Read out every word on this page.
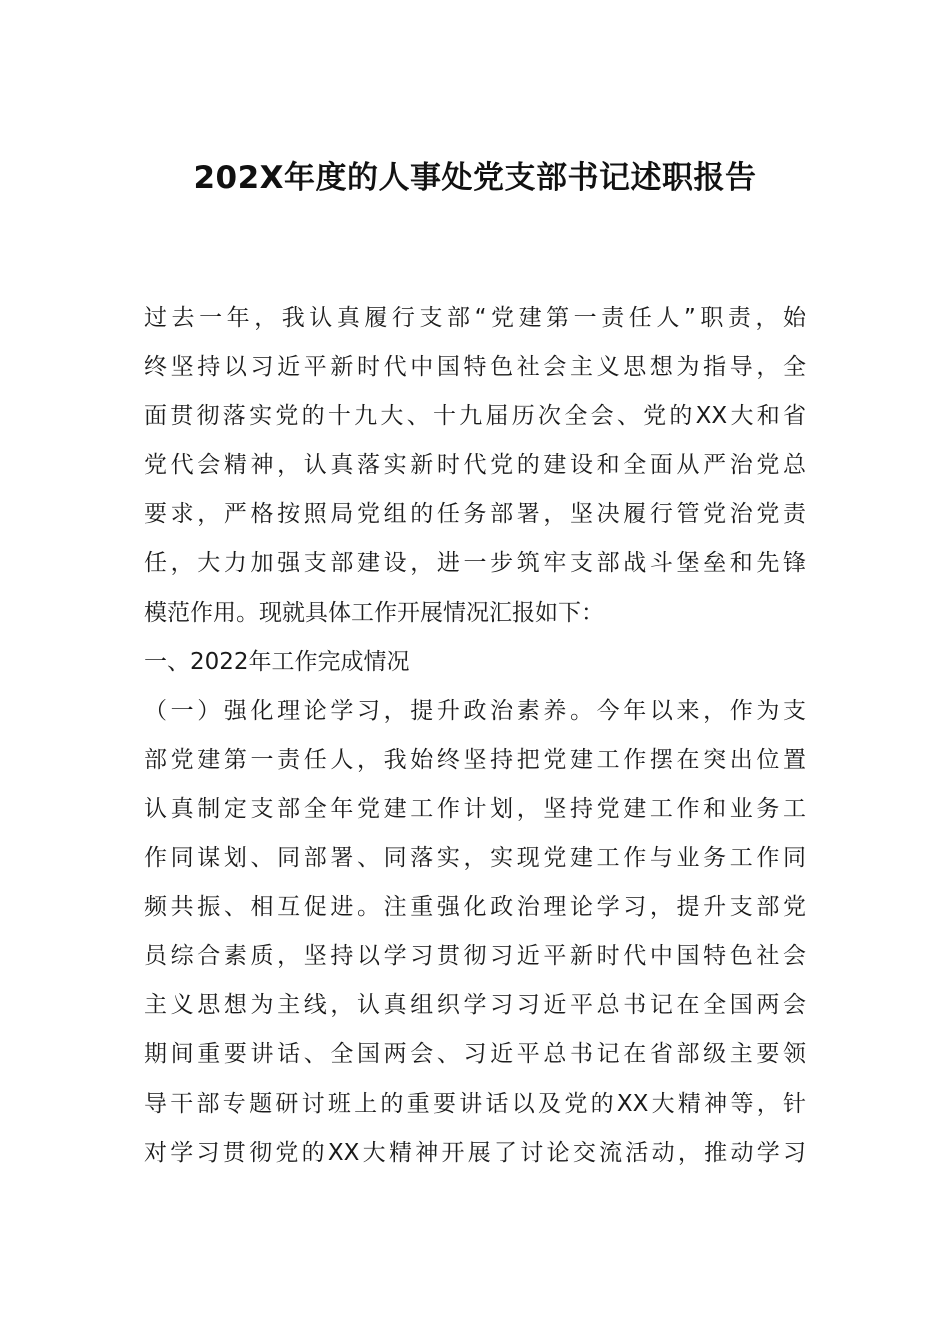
202X年度的人事处党支部书记述职报告
过去一年，我认真履行支部“党建第一责任人”职责，始
终坚持以习近平新时代中国特色社会主义思想为指导，全
面贯彻落实党的十九大、十九届历次全会、党的XX大和省
党代会精神，认真落实新时代党的建设和全面从严治党总
要求，严格按照局党组的任务部署，坚决履行管党治党责
任，大力加强支部建设，进一步筑牢支部战斗堡垒和先锋
模范作用。现就具体工作开展情况汇报如下：
一、2022年工作完成情况
（一）强化理论学习，提升政治素养。今年以来，作为支
部党建第一责任人，我始终坚持把党建工作摆在突出位置
认真制定支部全年党建工作计划，坚持党建工作和业务工
作同谋划、同部署、同落实，实现党建工作与业务工作同
频共振、相互促进。注重强化政治理论学习，提升支部党
员综合素质，坚持以学习贯彻习近平新时代中国特色社会
主义思想为主线，认真组织学习习近平总书记在全国两会
期间重要讲话、全国两会、习近平总书记在省部级主要领
导干部专题研讨班上的重要讲话以及党的XX大精神等，针
对学习贯彻党的XX大精神开展了讨论交流活动，推动学习
